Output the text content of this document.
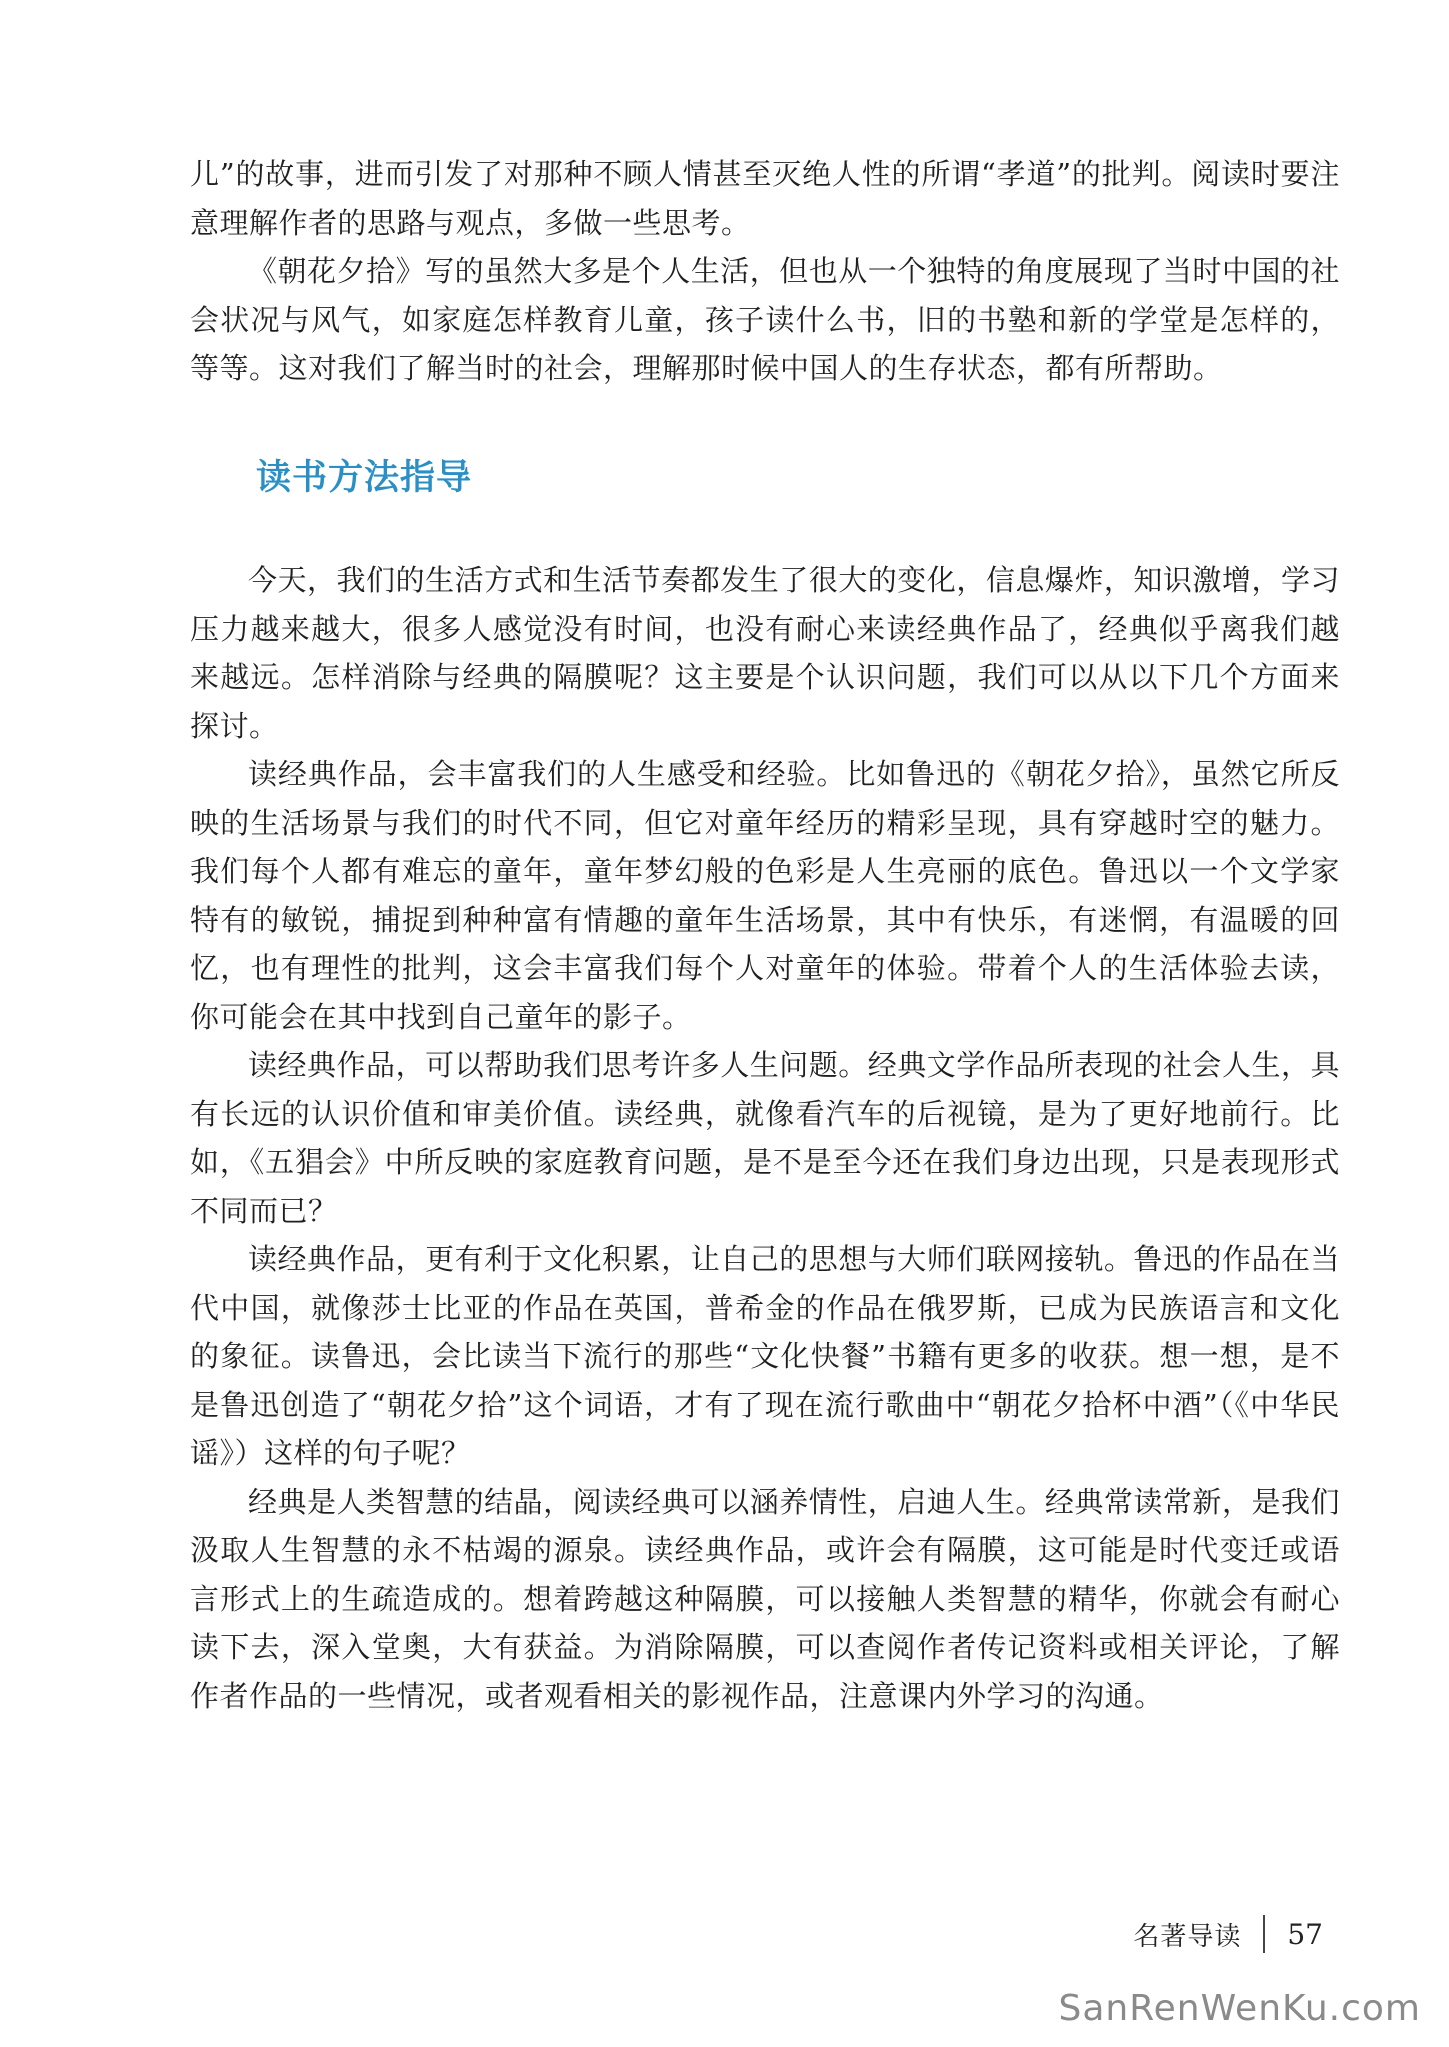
儿”的故事，进而引发了对那种不顾人情甚至灭绝人性的所谓“孝道”的批判。阅读时要注意理解作者的思路与观点，多做一些思考。

《朝花夕拾》写的虽然大多是个人生活，但也从一个独特的角度展现了当时中国的社会状况与风气，如家庭怎样教育儿童，孩子读什么书，旧的书塾和新的学堂是怎样的，等等。这对我们了解当时的社会，理解那时候中国人的生存状态，都有所帮助。

读书方法指导

今天，我们的生活方式和生活节奏都发生了很大的变化，信息爆炸，知识激增，学习压力越来越大，很多人感觉没有时间，也没有耐心来读经典作品了，经典似乎离我们越来越远。怎样消除与经典的隔膜呢？这主要是个认识问题，我们可以从以下几个方面来探讨。

读经典作品，会丰富我们的人生感受和经验。比如鲁迅的《朝花夕拾》，虽然它所反映的生活场景与我们的时代不同，但它对童年经历的精彩呈现，具有穿越时空的魅力。我们每个人都有难忘的童年，童年梦幻般的色彩是人生亮丽的底色。鲁迅以一个文学家特有的敏锐，捕捉到种种富有情趣的童年生活场景，其中有快乐，有迷惘，有温暖的回忆，也有理性的批判，这会丰富我们每个人对童年的体验。带着个人的生活体验去读，你可能会在其中找到自己童年的影子。

读经典作品，可以帮助我们思考许多人生问题。经典文学作品所表现的社会人生，具有长远的认识价值和审美价值。读经典，就像看汽车的后视镜，是为了更好地前行。比如，《五猖会》中所反映的家庭教育问题，是不是至今还在我们身边出现，只是表现形式不同而已？

读经典作品，更有利于文化积累，让自己的思想与大师们联网接轨。鲁迅的作品在当代中国，就像莎士比亚的作品在英国，普希金的作品在俄罗斯，已成为民族语言和文化的象征。读鲁迅，会比读当下流行的那些“文化快餐”书籍有更多的收获。想一想，是不是鲁迅创造了“朝花夕拾”这个词语，才有了现在流行歌曲中“朝花夕拾杯中酒”（《中华民谣》）这样的句子呢？

经典是人类智慧的结晶，阅读经典可以涵养情性，启迪人生。经典常读常新，是我们汲取人生智慧的永不枯竭的源泉。读经典作品，或许会有隔膜，这可能是时代变迁或语言形式上的生疏造成的。想着跨越这种隔膜，可以接触人类智慧的精华，你就会有耐心读下去，深入堂奥，大有获益。为消除隔膜，可以查阅作者传记资料或相关评论，了解作者作品的一些情况，或者观看相关的影视作品，注意课内外学习的沟通。

名著导读 57
SanRenWenKu.com
